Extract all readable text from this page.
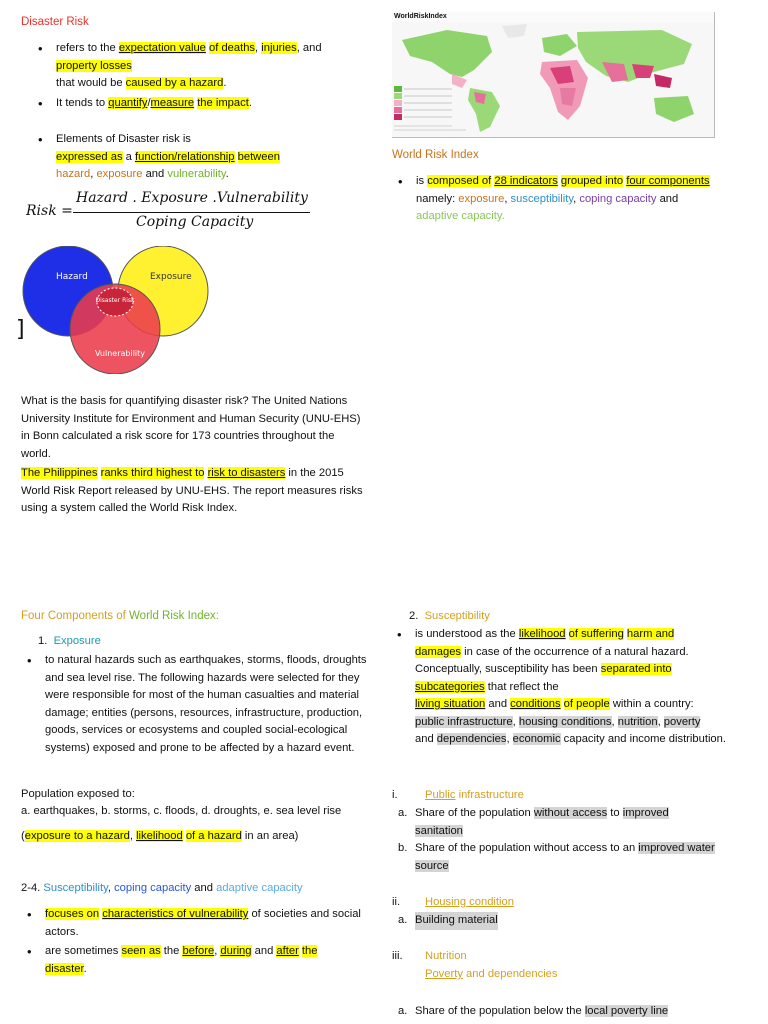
Disaster Risk
refers to the expectation value of deaths, injuries, and
property losses
that would be caused by a hazard.
It tends to quantify/measure the impact.
Elements of Disaster risk is
expressed as a function/relationship between
hazard, exposure and vulnerability.
Risk =
Hazard . Exposure .Vulnerability
Coping Capacity
Hazard	Exposure
Vulnerability
Disaster Risk
]
What is the basis for quantifying disaster risk? The United Nations University Institute for Environment and Human Security (UNU-EHS) in Bonn calculated a risk score for 173 countries throughout the world.
The Philippines ranks third highest to risk to disasters in the 2015 World Risk Report released by UNU-EHS. The report measures risks using a system called the World Risk Index.
WorldRiskIndex
World Risk Index
is composed of 28 indicators grouped into four components
namely: exposure, susceptibility, coping capacity and
adaptive capacity.
Four Components of World Risk Index:
1. Exposure
to natural hazards such as earthquakes, storms, floods, droughts and sea level rise. The following hazards were selected for they were responsible for most of the human casualties and material damage; entities (persons, resources, infrastructure, production, goods, services or ecosystems and coupled social-ecological systems) exposed and prone to be affected by a hazard event.
Population exposed to:
a. earthquakes, b. storms, c. floods, d. droughts, e. sea level rise
(exposure to a hazard, likelihood of a hazard in an area)
2-4. Susceptibility, coping capacity and adaptive capacity
focuses on characteristics of vulnerability of societies and social actors.
are sometimes seen as the before, during and after the
disaster.
2. Susceptibility
is understood as the likelihood of suffering harm and
damages in case of the occurrence of a natural hazard. Conceptually, susceptibility has been separated into
subcategories that reflect the
living situation and conditions of people within a country:
public infrastructure, housing conditions, nutrition, poverty
and dependencies, economic capacity and income distribution.
i. Public infrastructure
a. Share of the population without access to improved
sanitation
b. Share of the population without access to an improved water
source
ii. Housing condition
a. Building material
iii. Nutrition
Poverty and dependencies
a. Share of the population below the local poverty line
